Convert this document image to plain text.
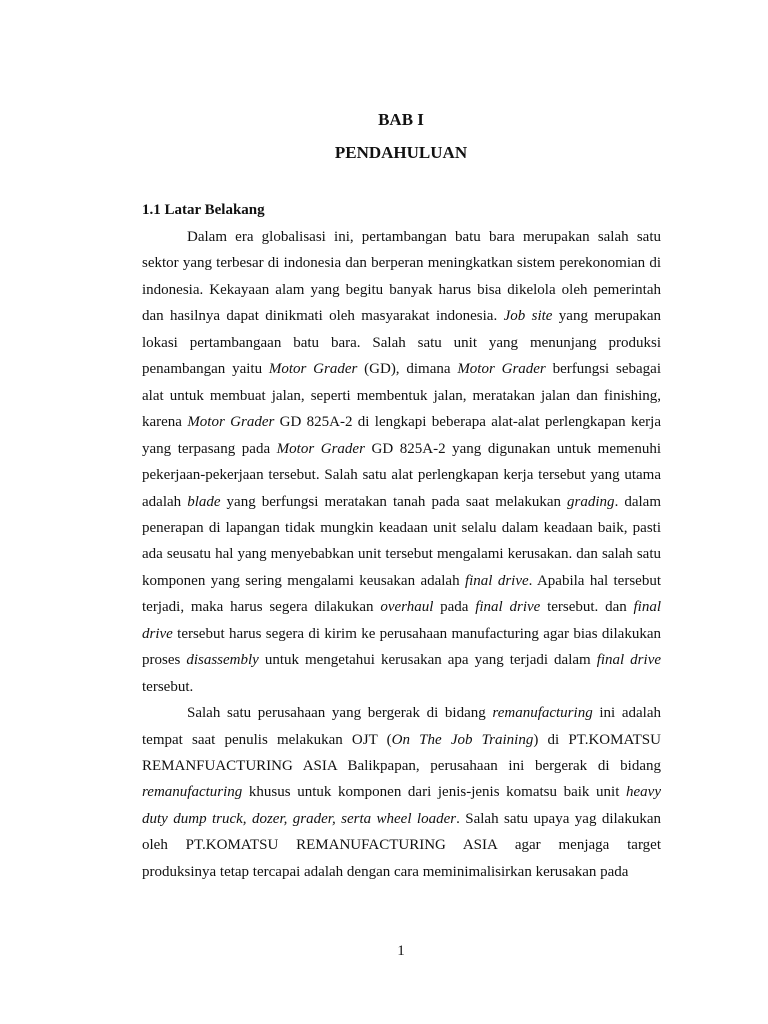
BAB I
PENDAHULUAN
1.1 Latar Belakang
Dalam era globalisasi ini, pertambangan batu bara merupakan salah satu
sektor yang terbesar di indonesia dan berperan meningkatkan sistem perekonomian di
indonesia. Kekayaan alam yang begitu banyak harus bisa dikelola oleh pemerintah
dan hasilnya dapat dinikmati oleh masyarakat indonesia. Job site yang merupakan
lokasi pertambangaan batu bara. Salah satu unit yang menunjang produksi
penambangan yaitu Motor Grader (GD), dimana Motor Grader berfungsi sebagai
alat untuk membuat jalan, seperti membentuk jalan, meratakan jalan dan finishing,
karena Motor Grader GD 825A-2 di lengkapi beberapa alat-alat perlengkapan kerja
yang terpasang pada Motor Grader GD 825A-2 yang digunakan untuk memenuhi
pekerjaan-pekerjaan tersebut. Salah satu alat perlengkapan kerja tersebut yang utama
adalah blade yang berfungsi meratakan tanah pada saat melakukan grading. dalam
penerapan di lapangan tidak mungkin keadaan unit selalu dalam keadaan baik, pasti
ada seusatu hal yang menyebabkan unit tersebut mengalami kerusakan. dan salah satu
komponen yang sering mengalami keusakan adalah final drive. Apabila hal tersebut
terjadi, maka harus segera dilakukan overhaul pada final drive tersebut. dan final
drive tersebut harus segera di kirim ke perusahaan manufacturing agar bias dilakukan
proses disassembly untuk mengetahui kerusakan apa yang terjadi dalam final drive
tersebut.
Salah satu perusahaan yang bergerak di bidang remanufacturing ini adalah
tempat saat penulis melakukan OJT (On The Job Training) di PT.KOMATSU
REMANFUACTURING ASIA Balikpapan, perusahaan ini bergerak di bidang
remanufacturing khusus untuk komponen dari jenis-jenis komatsu baik unit heavy
duty dump truck, dozer, grader, serta wheel loader. Salah satu upaya yag dilakukan
oleh PT.KOMATSU REMANUFACTURING ASIA agar menjaga target
produksinya tetap tercapai adalah dengan cara meminimalisirkan kerusakan pada
1
